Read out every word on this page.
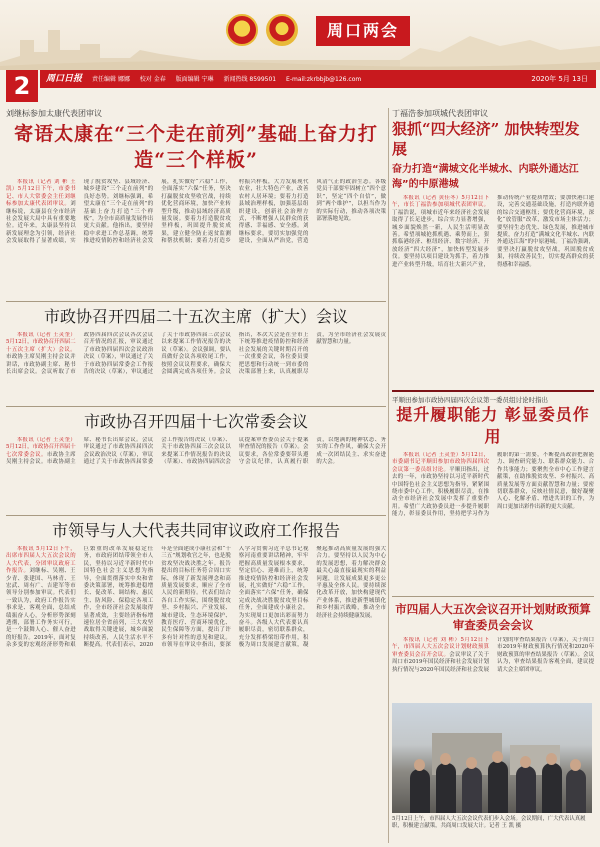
周口两会
2	周口日报 责任编辑 娜娜 校对 金春 版面编辑 宁琳 新闻热线 8599501 E-mail:zkrbbjb@126.com	2020年 5月 13日
刘继标参加太康代表团审议
寄语太康在“三个走在前列”基础上奋力打造“三个样板”

本报讯（记者 刘 彬 王 凯）5月12日下午，市委书记、市人大常委会主任刘继标参加太康代表团审议。刘继标说，太康县在全市经济社会发展大局中具有重要地位。近年来，太康县坚持以新发展理念为引领，经济社会发展取得了显著成绩，实现了脱贫攻坚、县域经济、城乡建设“三个走在前列”的良好态势。刘继标强调，希望太康在“三个走在前列”的基础上奋力打造“三个样板”，为全市高质量发展作出更大贡献。他指出，要坚持稳中求进工作总基调，统筹推进疫情防控和经济社会发展，扎实做好“六稳”工作，全面落实“六保”任务，坚决打赢脱贫攻坚收官战，持续优化营商环境，加快产业转型升级，推动县域经济高质量发展。要着力打造脱贫攻坚样板，巩固提升脱贫成果，建立健全防止返贫监测和帮扶机制；要着力打造乡村振兴样板，大力发展现代农业，壮大特色产业，改善农村人居环境；要着力打造县域治理样板，加强基层组织建设，创新社会治理方式，不断增强人民群众的获得感、幸福感、安全感。刘继标要求，要切实加强党的建设，全面从严治党，营造风清气正的政治生态。各级党员干部要牢固树立“四个意识”，坚定“四个自信”，做到“两个维护”，以担当作为的实际行动，推动各项决策部署落地见效。

市政协召开四届二十五次主席（扩大）会议

本报讯（记者 王灵奎）5月12日，市政协召开四届二十五次主席（扩大）会议。市政协主席吴刚主持会议并讲话，市政协副主席、秘书长出席会议。会议听取了市政协四届四次会议各次会议召开情况的汇报，审议通过了市政协四届四次会议政治决议（草案），审议通过了关于市政协四届常委会工作报告的决议（草案），审议通过了关于市政协四届三次会议以来提案工作情况报告的决议（草案）。会议强调，要认真做好会议各项收尾工作，按照会议议程要求，确保大会圆满完成各项任务。会议指出，本次大会是在全市上下统筹推进疫情防控和经济社会发展的关键时期召开的一次重要会议，各位委员要把思想和行动统一到市委的决策部署上来，认真履职尽责，为全市经济社会发展贡献智慧和力量。

市政协召开四届十七次常委会议

本报讯（记者 王灵奎）5月12日，市政协召开四届十七次常委会议。市政协主席吴刚主持会议。市政协副主席、秘书长出席会议。会议审议通过了市政协四届四次会议政治决议（草案），审议通过了关于市政协四届常委会工作报告的决议（草案）、关于市政协四届三次会议以来提案工作情况报告的决议（草案）、市政协四届四次会议提案审查委员会关于提案审查情况的报告（草案）。会议要求，各位常委要带头遵守会议纪律，认真履行职责，以饱满的精神状态、务实的工作作风，确保大会开成一次团结民主、求实奋进的大会。

市领导与人大代表共同审议政府工作报告

本报讯 5月12日下午，出席市四届人大五次会议的人大代表，分团审议政府工作报告。刘继标、吴刚、王少青、张建国、马林青、王宏武、周有广、吉建军等市领导分别参加审议。代表们一致认为，政府工作报告实事求是、客观全面，总结成绩振奋人心，分析形势深刻透彻，部署工作务实可行，是一个鼓舞人心、催人奋进的好报告。2019年，面对复杂多变的宏观经济形势和艰巨繁重的改革发展稳定任务，市政府团结带领全市人民，坚持以习近平新时代中国特色社会主义思想为指导，全面贯彻落实中央和省委决策部署，统筹推进稳增长、促改革、调结构、惠民生、防风险、保稳定各项工作，全市经济社会发展取得显著成效，主要经济指标增速位居全省前列，三大攻坚战取得关键进展，城乡面貌持续改善，人民生活水平不断提高。代表们表示，2020年是全面建成小康社会和“十三五”规划收官之年，也是脱贫攻坚决战决胜之年。报告提出的目标任务符合周口实际，体现了新发展理念和高质量发展要求，顺应了全市人民的新期待。代表们结合各自工作实际，围绕脱贫攻坚、乡村振兴、产业发展、城市建设、生态环境保护、教育医疗、营商环境优化、民生保障等方面，提出了许多有针对性的意见和建议。市领导在审议中指出，要深入学习贯彻习近平总书记视察河南重要讲话精神，牢牢把握高质量发展根本要求，坚定信心、迎难而上，统筹推进疫情防控和经济社会发展，扎实做好“六稳”工作，全面落实“六保”任务，确保完成决战决胜脱贫攻坚目标任务，全面建成小康社会，为实现周口更加出彩而努力奋斗。各级人大代表要认真履职尽责，密切联系群众，充分发挥桥梁纽带作用，积极为周口发展建言献策，凝聚起推动高质量发展的强大合力。要坚持以人民为中心的发展思想，着力解决群众最关心最直接最现实的利益问题，让发展成果更多更公平惠及全体人民。要持续深化改革开放，加快构建现代产业体系，推进新型城镇化和乡村振兴战略，推动全市经济社会持续健康发展。

丁福浩参加项城代表团审议
狠抓“四大经济” 加快转型发展
奋力打造“满城文化半城水、内联外通达江海”的中原港城

本报讯（记者 黄佳冬）5月12日下午，市长丁福浩参加项城代表团审议。丁福浩说，项城市近年来经济社会发展取得了长足进步，综合实力显著增强，城乡面貌焕然一新，人民生活明显改善。希望项城抢抓机遇、乘势而上，狠抓临港经济、枢纽经济、数字经济、开放经济“四大经济”，加快转型发展步伐。要坚持以项目建设为抓手，着力推进产业转型升级，培育壮大新兴产业，推动传统产业提质增效；要加快港口建设，完善交通基础设施，打造内联外通的综合交通枢纽；要优化营商环境，深化“放管服”改革，激发市场主体活力；要坚持生态优先、绿色发展，推进城市提质，奋力打造“满城文化半城水、内联外通达江海”的中原港城。丁福浩强调，要坚决打赢脱贫攻坚战，巩固脱贫成果，持续改善民生，切实提高群众的获得感和幸福感。

平顺田参加市政协四届四次会议第一委员组讨论时指出
提升履职能力 彰显委员作用

本报讯（记者 王灵奎）5月12日，市委副书记平顺田参加市政协四届四次会议第一委员组讨论。平顺田指出，过去的一年，市政协坚持以习近平新时代中国特色社会主义思想为指导，紧紧围绕市委中心工作，积极履职尽责，在推动全市经济社会发展中发挥了重要作用。希望广大政协委员进一步提升履职能力，彰显委员作用，坚持把学习作为履职的第一需要，不断提高政治把握能力、调查研究能力、联系群众能力、合作共事能力；要聚焦全市中心工作建言献策，在助推脱贫攻坚、乡村振兴、高质量发展等方面贡献智慧和力量；要密切联系群众，反映社情民意，做好凝聚人心、化解矛盾、增进共识的工作，为周口更加出彩作出新的更大贡献。

市四届人大五次会议召开计划财政预算审查委员会会议

本报讯（记者 刘 彬）5月12日下午，市四届人大五次会议计划财政预算审查委员会召开会议。会议审议了关于周口市2019年国民经济和社会发展计划执行情况与2020年国民经济和社会发展计划的审查结果报告（草案），关于周口市2019年财政预算执行情况和2020年财政预算的审查结果报告（草案）。会议认为，审查结果报告客观全面，建议提请大会主席团审议。

5月12日上午，市四届人大五次会议代表们步入会场。会议期间，广大代表认真履职，积极建言献策，共商周口发展大计。记者 王 凯 摄
